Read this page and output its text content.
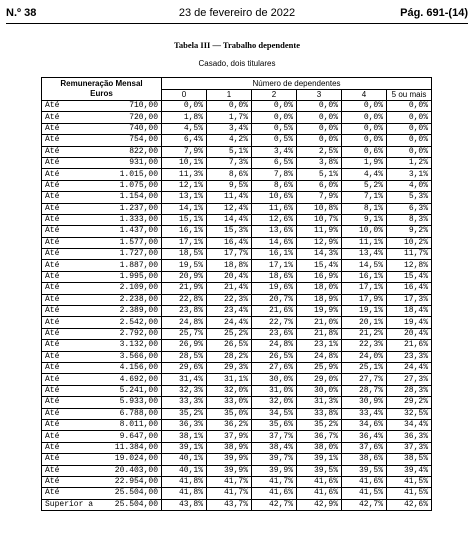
N.º 38	23 de fevereiro de 2022	Pág. 691-(14)
Tabela III — Trabalho dependente
Casado, dois titulares
Remuneração Mensal
Euros		Número de dependentes					
		0	1	2	3	4	5 ou mais
Até	710,00	0,0%	0,0%	0,0%	0,0%	0,0%	0,0%
Até	720,00	1,8%	1,7%	0,0%	0,0%	0,0%	0,0%
Até	740,00	4,5%	3,4%	0,5%	0,0%	0,0%	0,0%
Até	754,00	6,4%	4,2%	0,5%	0,0%	0,0%	0,0%
Até	822,00	7,9%	5,1%	3,4%	2,5%	0,6%	0,0%
Até	931,00	10,1%	7,3%	6,5%	3,8%	1,9%	1,2%
Até	1.015,00	11,3%	8,6%	7,8%	5,1%	4,4%	3,1%
Até	1.075,00	12,1%	9,5%	8,6%	6,0%	5,2%	4,0%
Até	1.154,00	13,1%	11,4%	10,6%	7,9%	7,1%	5,3%
Até	1.237,00	14,1%	12,4%	11,6%	10,8%	8,1%	6,3%
Até	1.333,00	15,1%	14,4%	12,6%	10,7%	9,1%	8,3%
Até	1.437,00	16,1%	15,3%	13,6%	11,9%	10,0%	9,2%
Até	1.577,00	17,1%	16,4%	14,6%	12,9%	11,1%	10,2%
Até	1.727,00	18,5%	17,7%	16,1%	14,3%	13,4%	11,7%
Até	1.887,00	19,5%	18,8%	17,1%	15,4%	14,5%	12,8%
Até	1.995,00	20,9%	20,4%	18,6%	16,9%	16,1%	15,4%
Até	2.109,00	21,9%	21,4%	19,6%	18,0%	17,1%	16,4%
Até	2.238,00	22,8%	22,3%	20,7%	18,9%	17,9%	17,3%
Até	2.389,00	23,8%	23,4%	21,6%	19,9%	19,1%	18,4%
Até	2.542,00	24,8%	24,4%	22,7%	21,0%	20,1%	19,4%
Até	2.792,00	25,7%	25,2%	23,6%	21,8%	21,2%	20,4%
Até	3.132,00	26,9%	26,5%	24,8%	23,1%	22,3%	21,6%
Até	3.566,00	28,5%	28,2%	26,5%	24,8%	24,0%	23,3%
Até	4.156,00	29,6%	29,3%	27,6%	25,9%	25,1%	24,4%
Até	4.692,00	31,4%	31,1%	30,0%	29,0%	27,7%	27,3%
Até	5.241,00	32,3%	32,0%	31,0%	30,0%	28,7%	28,3%
Até	5.933,00	33,3%	33,0%	32,0%	31,3%	30,9%	29,2%
Até	6.788,00	35,2%	35,0%	34,5%	33,8%	33,4%	32,5%
Até	8.011,00	36,3%	36,2%	35,6%	35,2%	34,6%	34,4%
Até	9.647,00	38,1%	37,9%	37,7%	36,7%	36,4%	36,3%
Até	11.384,00	39,1%	38,9%	38,4%	38,0%	37,6%	37,3%
Até	19.024,00	40,1%	39,9%	39,7%	39,1%	38,6%	38,5%
Até	20.403,00	40,1%	39,9%	39,9%	39,5%	39,5%	39,4%
Até	22.954,00	41,8%	41,7%	41,7%	41,6%	41,6%	41,5%
Até	25.504,00	41,8%	41,7%	41,6%	41,6%	41,5%	41,5%
Superior a	25.504,00	43,8%	43,7%	42,7%	42,9%	42,7%	42,6%
